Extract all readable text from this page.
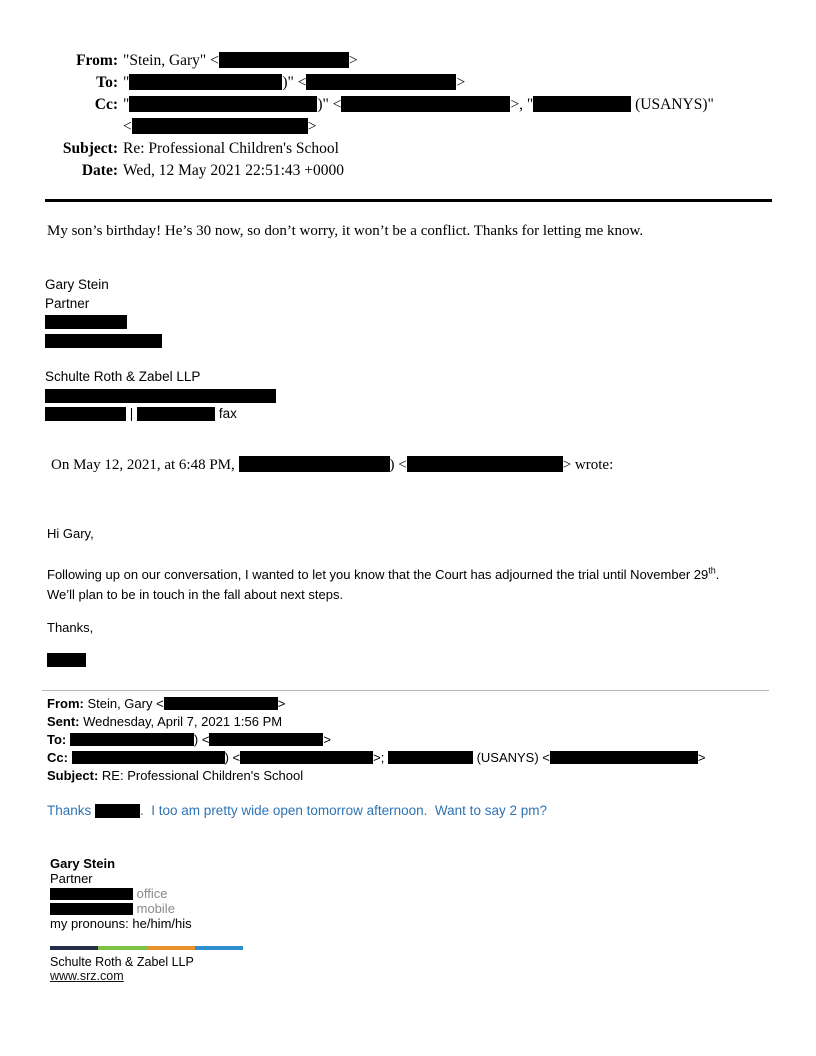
From: "Stein, Gary" <	>
To: "	)" <	>
Cc: "	)" <	>, "	(USANYS)"
<	>
Subject: Re: Professional Children's School
Date: Wed, 12 May 2021 22:51:43 +0000
My son’s birthday! He’s 30 now, so don’t worry, it won’t be a conflict. Thanks for letting me know.
Gary Stein
Partner
Schulte Roth & Zabel LLP
|	fax
On May 12, 2021, at 6:48 PM,	) <	> wrote:
Hi Gary,
Following up on our conversation, I wanted to let you know that the Court has adjourned the trial until November 29th.
We’ll plan to be in touch in the fall about next steps.
Thanks,
From: Stein, Gary <	>
Sent: Wednesday, April 7, 2021 1:56 PM
To:	) <	>
Cc:	) <	>;	(USANYS) <	>
Subject: RE: Professional Children's School
Thanks	.  I too am pretty wide open tomorrow afternoon.  Want to say 2 pm?
Gary Stein
Partner
office
mobile
my pronouns: he/him/his
Schulte Roth & Zabel LLP
www.srz.com
